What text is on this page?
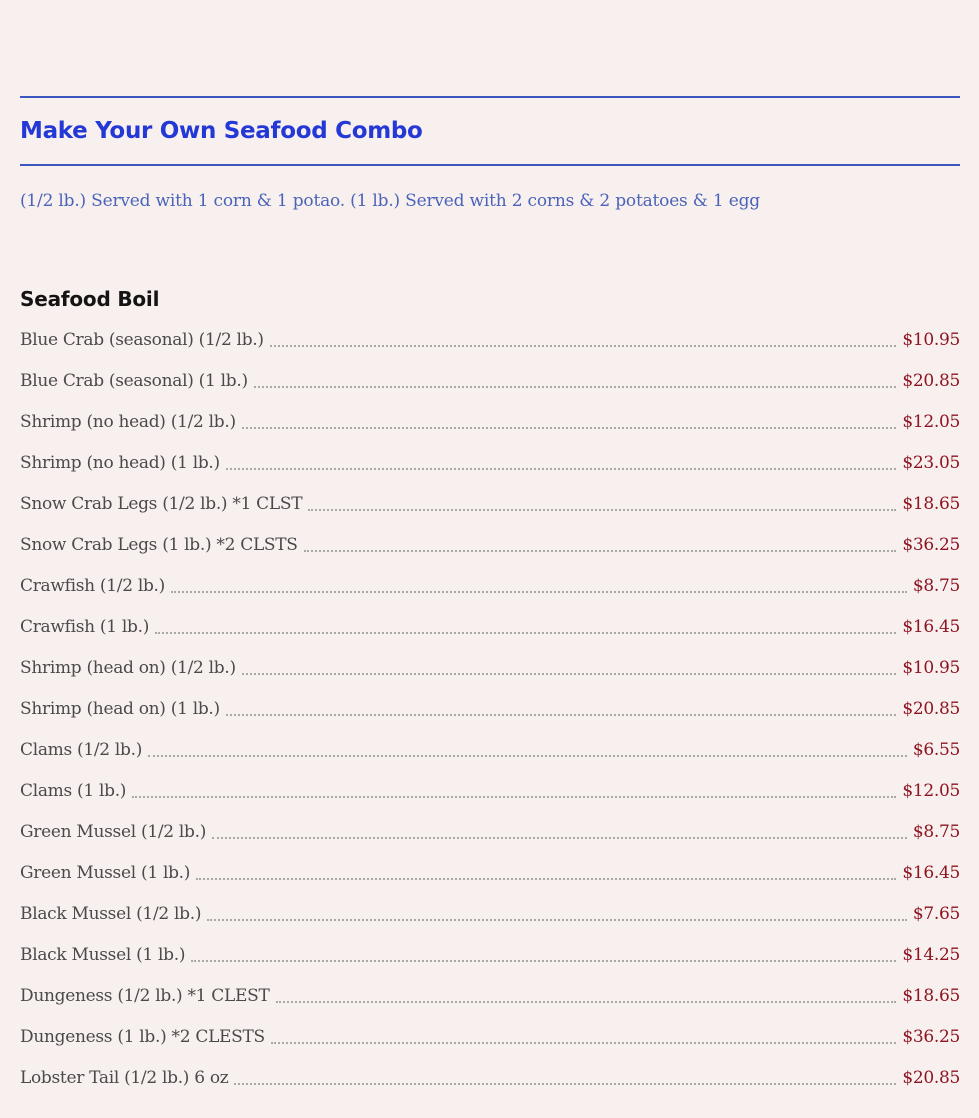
Make Your Own Seafood Combo

(1/2 lb.) Served with 1 corn & 1 potao. (1 lb.) Served with 2 corns & 2 potatoes & 1 egg

Seafood Boil
Blue Crab (seasonal) (1/2 lb.)	$10.95
Blue Crab (seasonal) (1 lb.)	$20.85
Shrimp (no head) (1/2 lb.)	$12.05
Shrimp (no head) (1 lb.)	$23.05
Snow Crab Legs (1/2 lb.) *1 CLST	$18.65
Snow Crab Legs (1 lb.) *2 CLSTS	$36.25
Crawfish (1/2 lb.)	$8.75
Crawfish (1 lb.)	$16.45
Shrimp (head on) (1/2 lb.)	$10.95
Shrimp (head on) (1 lb.)	$20.85
Clams (1/2 lb.)	$6.55
Clams (1 lb.)	$12.05
Green Mussel (1/2 lb.)	$8.75
Green Mussel (1 lb.)	$16.45
Black Mussel (1/2 lb.)	$7.65
Black Mussel (1 lb.)	$14.25
Dungeness (1/2 lb.) *1 CLEST	$18.65
Dungeness (1 lb.) *2 CLESTS	$36.25
Lobster Tail (1/2 lb.) 6 oz	$20.85
